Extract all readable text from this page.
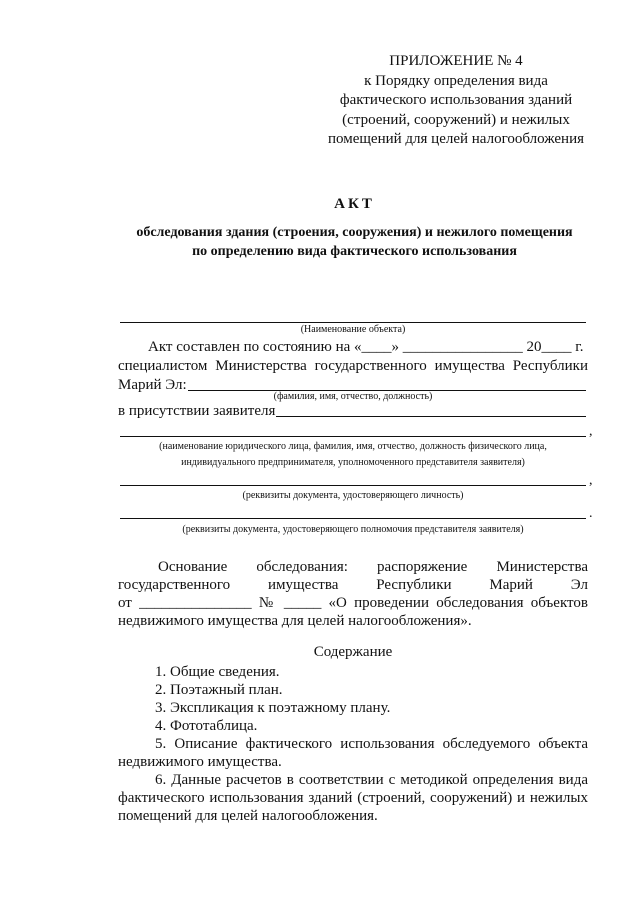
ПРИЛОЖЕНИЕ № 4
к Порядку определения вида
фактического использования зданий
(строений, сооружений) и нежилых
помещений для целей налогообложения
АКТ
обследования здания (строения, сооружения) и нежилого помещения
по определению вида фактического использования
(Наименование объекта)
Акт составлен по состоянию на «____» ________________ 20____ г.
специалистом Министерства государственного имущества Республики
Марий Эл:
(фамилия, имя, отчество, должность)
в присутствии заявителя
,
(наименование юридического лица, фамилия, имя, отчество, должность физического лица,
индивидуального предпринимателя, уполномоченного представителя заявителя)
,
(реквизиты документа, удостоверяющего личность)
.
(реквизиты документа, удостоверяющего полномочия представителя заявителя)
Основание обследования: распоряжение Министерства
государственного имущества Республики Марий Эл
от _______________ № _____ «О проведении обследования объектов
недвижимого имущества для целей налогообложения».
Содержание
1. Общие сведения.
2. Поэтажный план.
3. Экспликация к поэтажному плану.
4. Фототаблица.
5. Описание фактического использования обследуемого объекта
недвижимого имущества.
6. Данные расчетов в соответствии с методикой определения вида
фактического использования зданий (строений, сооружений) и нежилых
помещений для целей налогообложения.
